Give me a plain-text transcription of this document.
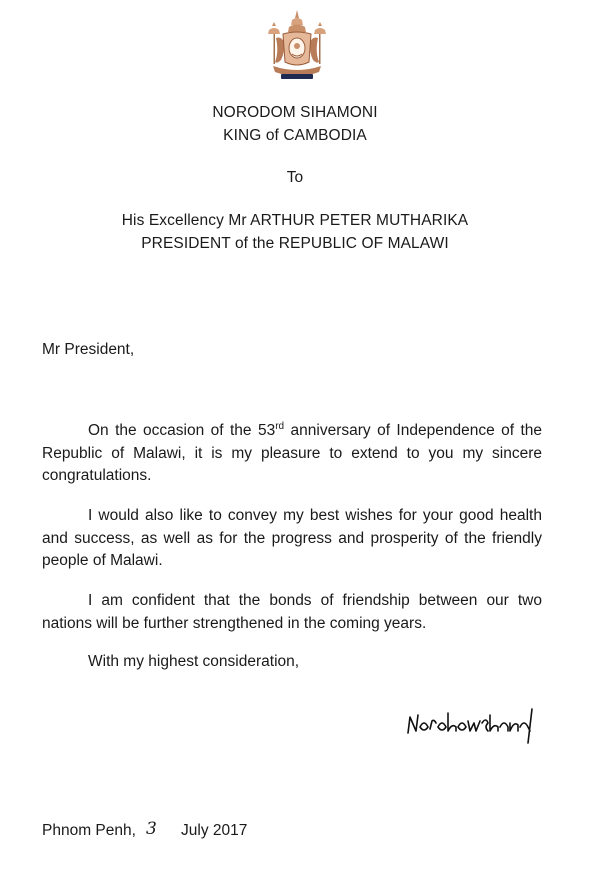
NORODOM SIHAMONI
KING of CAMBODIA
To
His Excellency Mr ARTHUR PETER MUTHARIKA
PRESIDENT of the REPUBLIC OF MALAWI
Mr President,
On the occasion of the 53rd anniversary of Independence of the Republic of Malawi, it is my pleasure to extend to you my sincere congratulations.
I would also like to convey my best wishes for your good health and success, as well as for the progress and prosperity of the friendly people of Malawi.
I am confident that the bonds of friendship between our two nations will be further strengthened in the coming years.
With my highest consideration,
Phnom Penh, 3 July 2017
